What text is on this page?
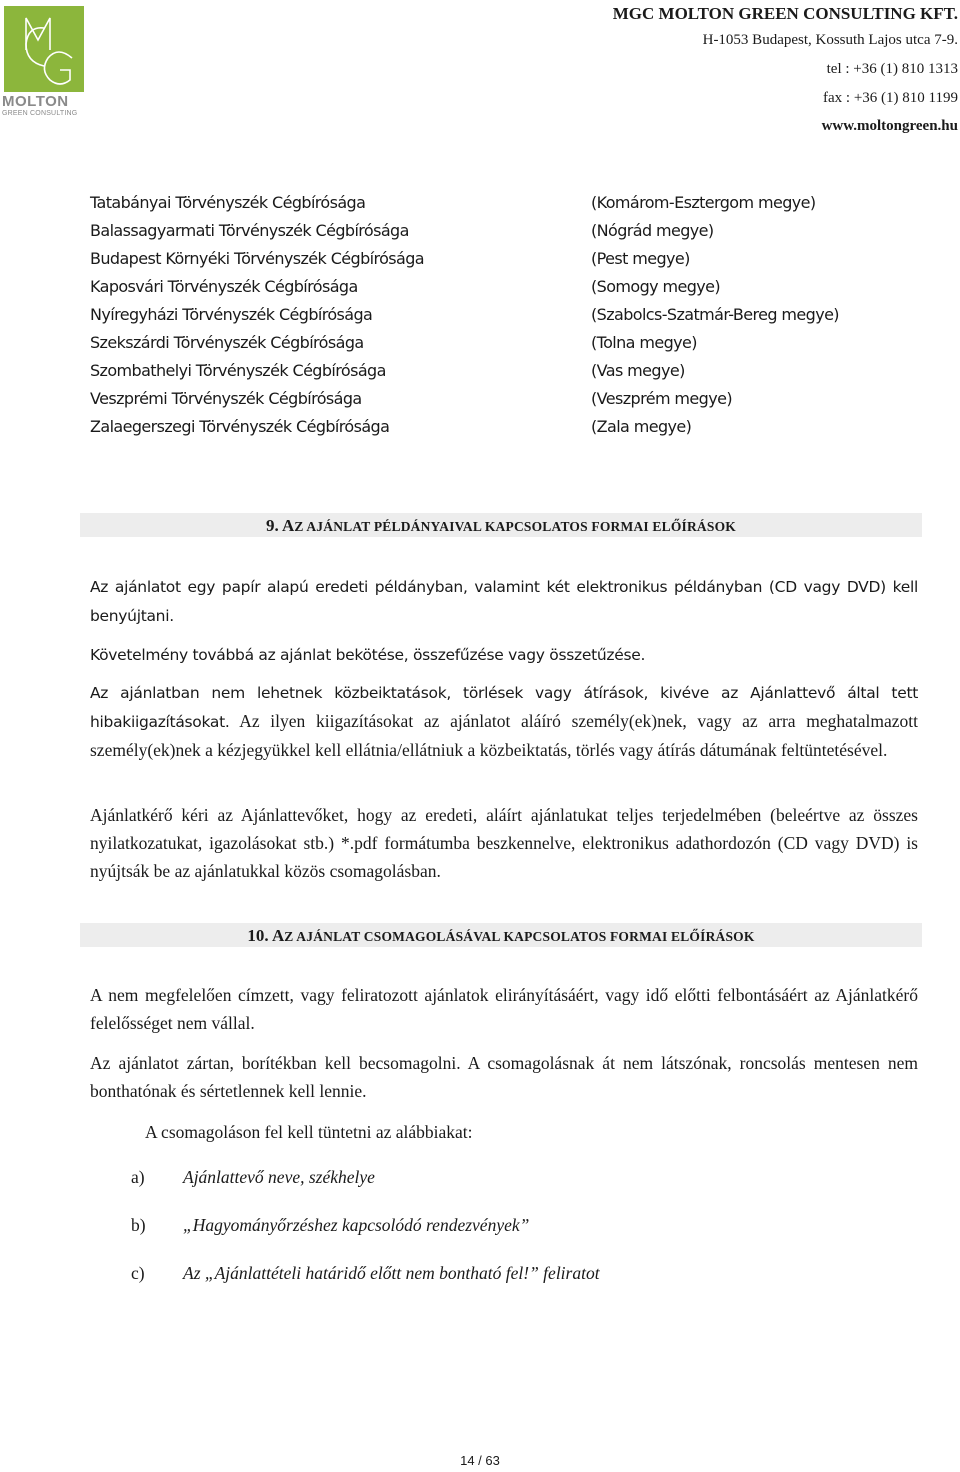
MOLTON
GREEN CONSULTING
MGC MOLTON GREEN CONSULTING KFT.
H-1053 Budapest, Kossuth Lajos utca 7-9.
tel : +36 (1) 810 1313
fax : +36 (1) 810 1199
www.moltongreen.hu
Tatabányai Törvényszék Cégbírósága	(Komárom-Esztergom megye)
Balassagyarmati Törvényszék Cégbírósága	(Nógrád megye)
Budapest Környéki Törvényszék Cégbírósága	(Pest megye)
Kaposvári Törvényszék Cégbírósága	(Somogy megye)
Nyíregyházi Törvényszék Cégbírósága	(Szabolcs-Szatmár-Bereg megye)
Szekszárdi Törvényszék Cégbírósága	(Tolna megye)
Szombathelyi Törvényszék Cégbírósága	(Vas megye)
Veszprémi Törvényszék Cégbírósága	(Veszprém megye)
Zalaegerszegi Törvényszék Cégbírósága	(Zala megye)
9. AZ AJÁNLAT PÉLDÁNYAIVAL KAPCSOLATOS FORMAI ELŐÍRÁSOK
Az ajánlatot egy papír alapú eredeti példányban, valamint két elektronikus példányban (CD vagy DVD) kell benyújtani.
Követelmény továbbá az ajánlat bekötése, összefűzése vagy összetűzése.
Az ajánlatban nem lehetnek közbeiktatások, törlések vagy átírások, kivéve az Ajánlattevő által tett hibakiigazításokat. Az ilyen kiigazításokat az ajánlatot aláíró személy(ek)nek, vagy az arra meghatalmazott személy(ek)nek a kézjegyükkel kell ellátnia/ellátniuk a közbeiktatás, törlés vagy átírás dátumának feltüntetésével.
Ajánlatkérő kéri az Ajánlattevőket, hogy az eredeti, aláírt ajánlatukat teljes terjedelmében (beleértve az összes nyilatkozatukat, igazolásokat stb.) *.pdf formátumba beszkennelve, elektronikus adathordozón (CD vagy DVD) is nyújtsák be az ajánlatukkal közös csomagolásban.
10. AZ AJÁNLAT CSOMAGOLÁSÁVAL KAPCSOLATOS FORMAI ELŐÍRÁSOK
A nem megfelelően címzett, vagy feliratozott ajánlatok elirányításáért, vagy idő előtti felbontásáért az Ajánlatkérő felelősséget nem vállal.
Az ajánlatot zártan, borítékban kell becsomagolni. A csomagolásnak át nem látszónak, roncsolás mentesen nem bonthatónak és sértetlennek kell lennie.
A csomagoláson fel kell tüntetni az alábbiakat:
a) Ajánlattevő neve, székhelye
b) „Hagyományőrzéshez kapcsolódó rendezvények”
c) Az „Ajánlattételi határidő előtt nem bontható fel!” feliratot
14 / 63
